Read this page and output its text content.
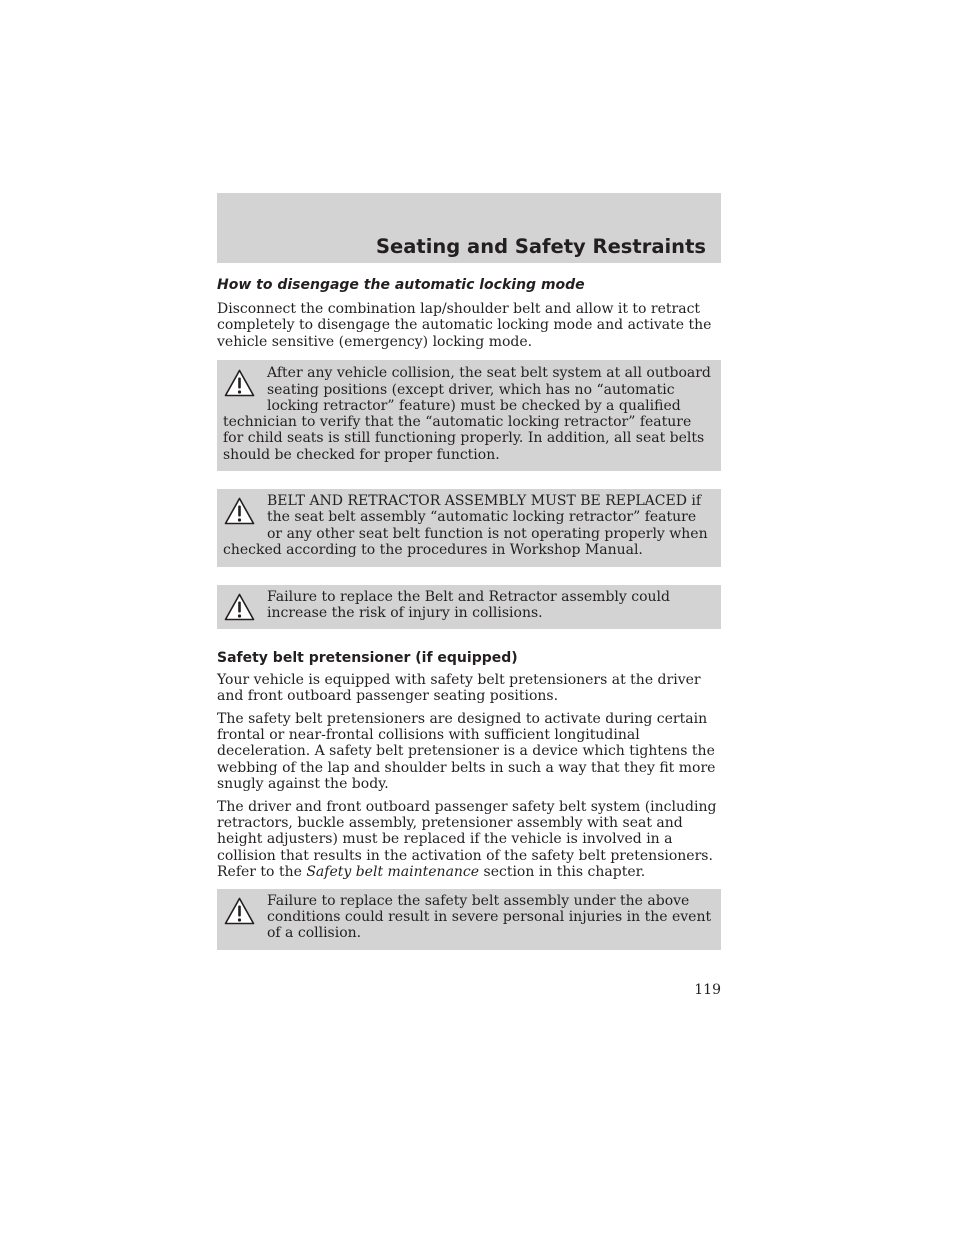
Seating and Safety Restraints
How to disengage the automatic locking mode

Disconnect the combination lap/shoulder belt and allow it to retract completely to disengage the automatic locking mode and activate the vehicle sensitive (emergency) locking mode.

After any vehicle collision, the seat belt system at all outboard seating positions (except driver, which has no “automatic locking retractor” feature) must be checked by a qualified technician to verify that the “automatic locking retractor” feature for child seats is still functioning properly. In addition, all seat belts should be checked for proper function.

BELT AND RETRACTOR ASSEMBLY MUST BE REPLACED if the seat belt assembly “automatic locking retractor” feature or any other seat belt function is not operating properly when checked according to the procedures in Workshop Manual.

Failure to replace the Belt and Retractor assembly could increase the risk of injury in collisions.

Safety belt pretensioner (if equipped)

Your vehicle is equipped with safety belt pretensioners at the driver and front outboard passenger seating positions.

The safety belt pretensioners are designed to activate during certain frontal or near-frontal collisions with sufficient longitudinal deceleration. A safety belt pretensioner is a device which tightens the webbing of the lap and shoulder belts in such a way that they fit more snugly against the body.

The driver and front outboard passenger safety belt system (including retractors, buckle assembly, pretensioner assembly with seat and height adjusters) must be replaced if the vehicle is involved in a collision that results in the activation of the safety belt pretensioners. Refer to the Safety belt maintenance section in this chapter.

Failure to replace the safety belt assembly under the above conditions could result in severe personal injuries in the event of a collision.

119
